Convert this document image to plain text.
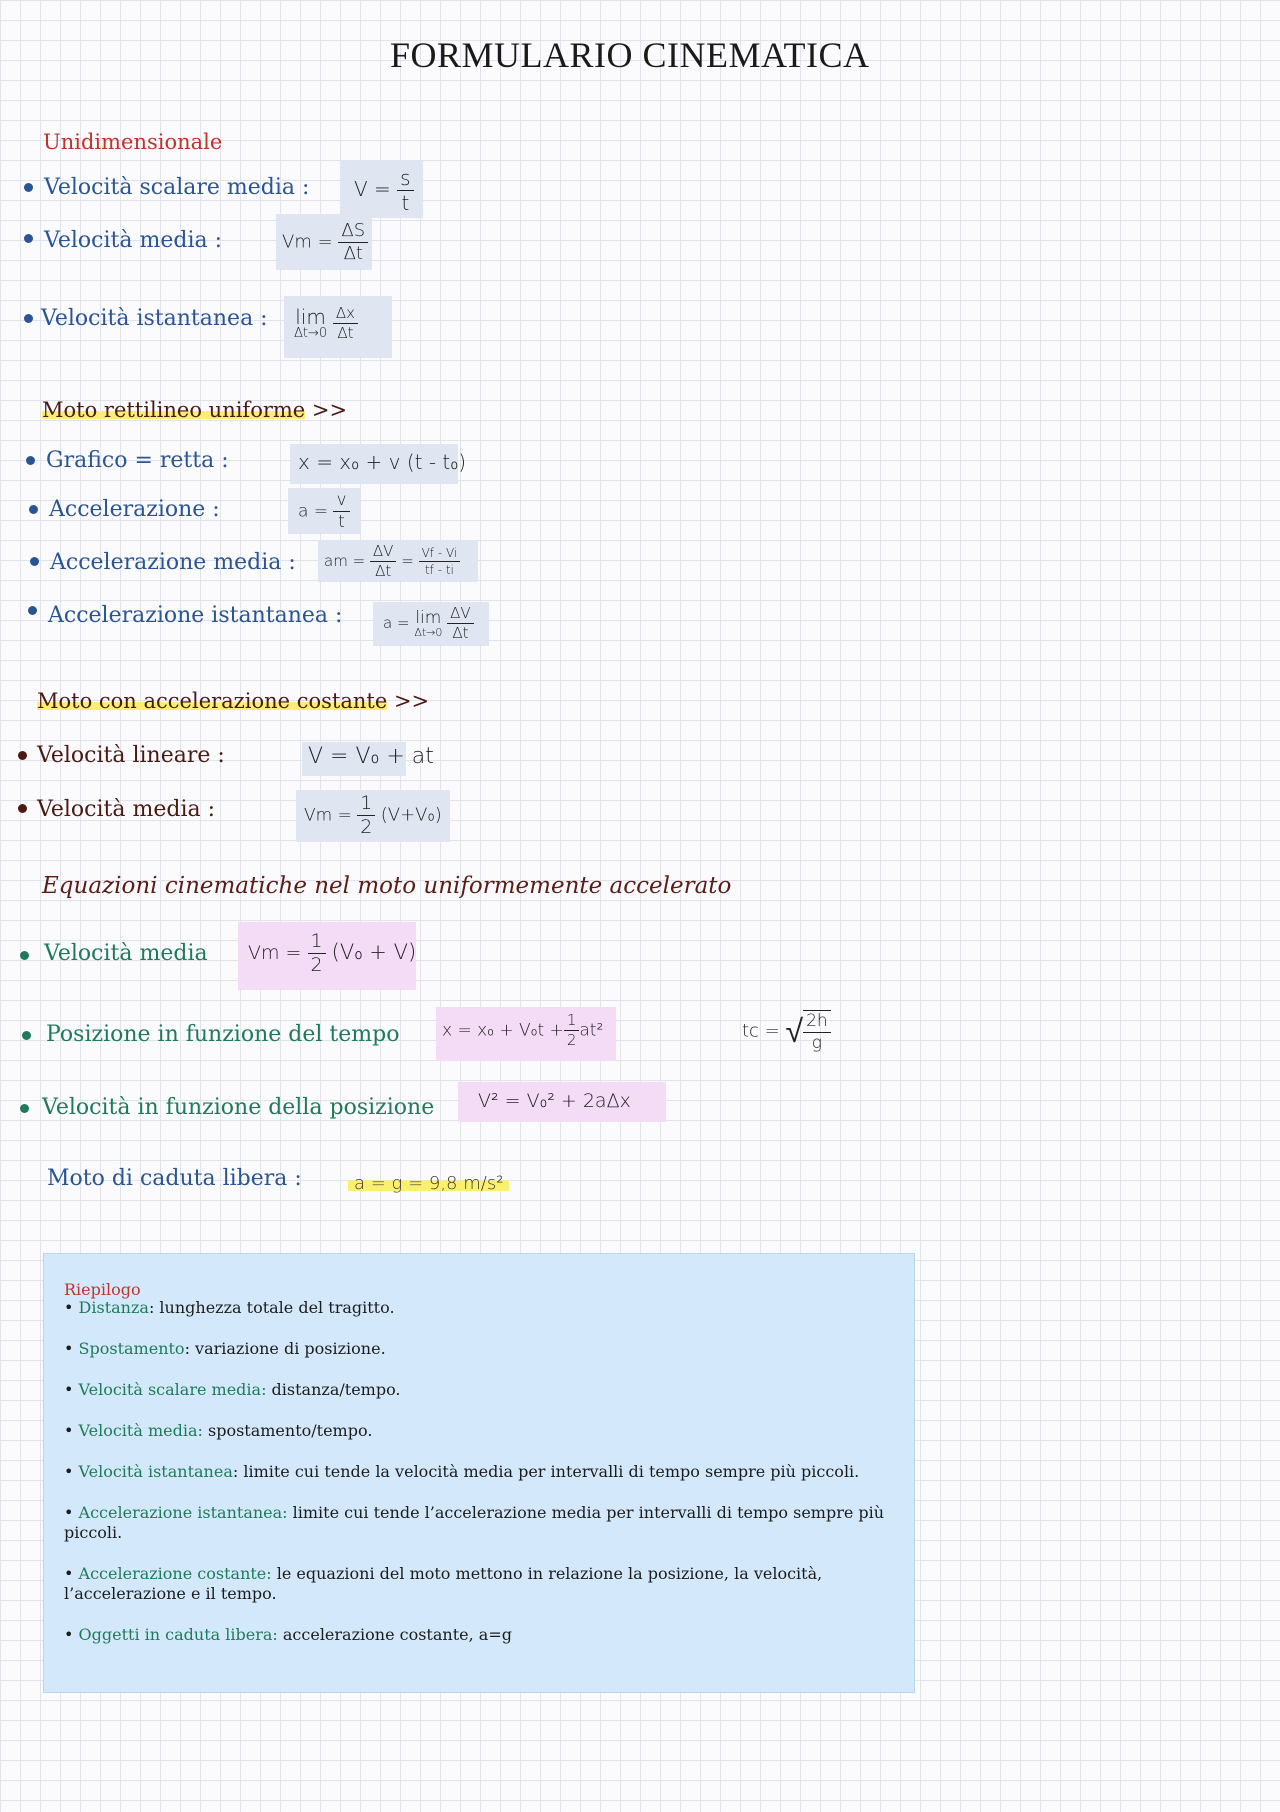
FORMULARIO CINEMATICA
Unidimensionale
Velocità scalare media : $V = \frac{s}{t}$
Velocità media :	$Vm = \frac{\Delta S}{\Delta t}$
Velocità istantanea : lim
Δt→0
$\frac{\Delta x}{\Delta t}$
Moto rettilineo uniforme >>
Grafico = retta :	x = x₀ + v (t - t₀)
Accelerazione :	$a = \frac{v}{t}$
Accelerazione media : am = $\frac{\Delta V}{\Delta t} = \frac{Vf - Vi}{tf - ti}$
Accelerazione istantanea :	a = lim
Δt→0
$\frac{\Delta V}{\Delta t}$
Moto con accelerazione costante >>
Velocità lineare :	V = V₀ + at
Velocità media :	$Vm = \frac{1}{2} (V+V_0)$
Equazioni cinematiche nel moto uniformemente accelerato
Velocità media $Vm = \frac{1}{2} (V_0 + V)$
Posizione in funzione del tempo	$x = x_0 + V_0t + \frac{1}{2} at^2$	tc = √ $\frac{2h}{g}$
Velocità in funzione della posizione V² = V₀² + 2aΔx
Moto di caduta libera :	a = g = 9,8 m/s²
Riepilogo

• Distanza: lunghezza totale del tragitto.

• Spostamento: variazione di posizione.

• Velocità scalare media: distanza/tempo.

• Velocità media: spostamento/tempo.

• Velocità istantanea: limite cui tende la velocità media per intervalli di tempo sempre più piccoli.

• Accelerazione istantanea: limite cui tende l’accelerazione media per intervalli di tempo sempre più piccoli.

• Accelerazione costante: le equazioni del moto mettono in relazione la posizione, la velocità, l’accelerazione e il tempo.

• Oggetti in caduta libera: accelerazione costante, a=g
